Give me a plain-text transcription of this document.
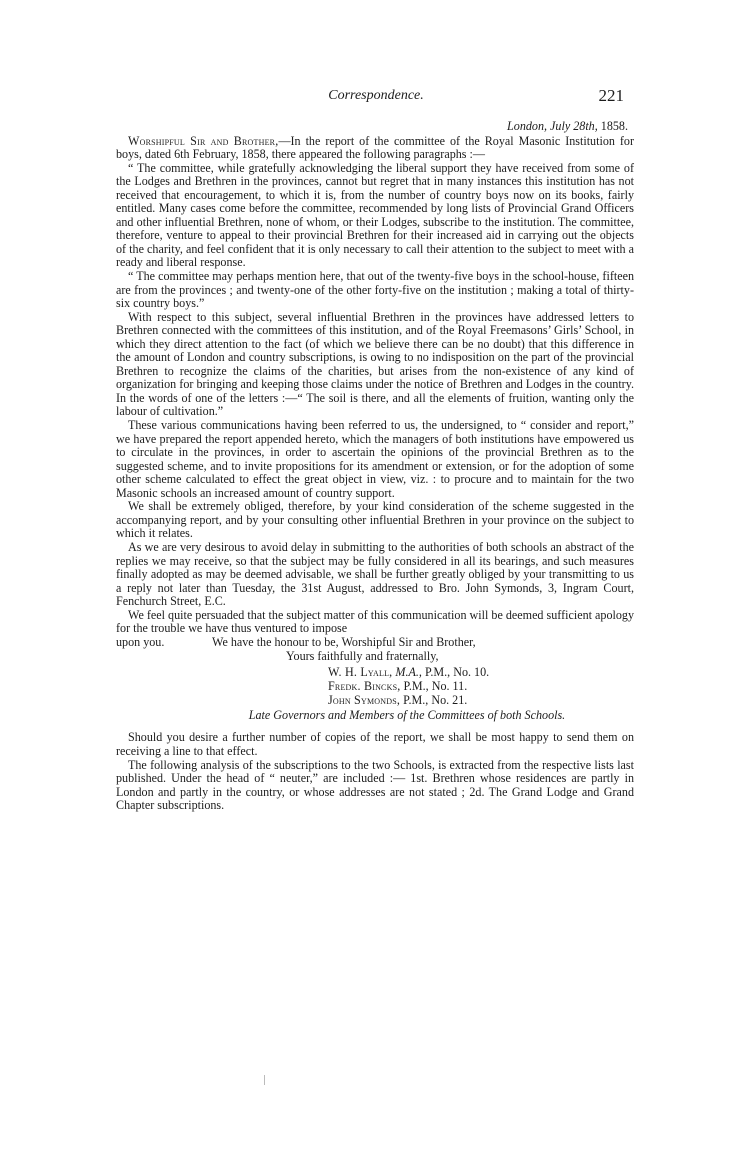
Correspondence.	221
London, July 28th, 1858.

Worshipful Sir and Brother,—In the report of the committee of the Royal Masonic Institution for boys, dated 6th February, 1858, there appeared the following paragraphs :—

“ The committee, while gratefully acknowledging the liberal support they have received from some of the Lodges and Brethren in the provinces, cannot but regret that in many instances this institution has not received that encouragement, to which it is, from the number of country boys now on its books, fairly entitled. Many cases come before the committee, recommended by long lists of Provincial Grand Officers and other influential Brethren, none of whom, or their Lodges, subscribe to the institution. The committee, therefore, venture to appeal to their provincial Brethren for their increased aid in carrying out the objects of the charity, and feel confident that it is only necessary to call their attention to the subject to meet with a ready and liberal response.

“ The committee may perhaps mention here, that out of the twenty-five boys in the school-house, fifteen are from the provinces ; and twenty-one of the other forty-five on the institution ; making a total of thirty-six country boys.”

With respect to this subject, several influential Brethren in the provinces have addressed letters to Brethren connected with the committees of this institution, and of the Royal Freemasons’ Girls’ School, in which they direct attention to the fact (of which we believe there can be no doubt) that this difference in the amount of London and country subscriptions, is owing to no indisposition on the part of the provincial Brethren to recognize the claims of the charities, but arises from the non-existence of any kind of organization for bringing and keeping those claims under the notice of Brethren and Lodges in the country. In the words of one of the letters :—“ The soil is there, and all the elements of fruition, wanting only the labour of cultivation.”

These various communications having been referred to us, the undersigned, to “ consider and report,” we have prepared the report appended hereto, which the managers of both institutions have empowered us to circulate in the provinces, in order to ascertain the opinions of the provincial Brethren as to the suggested scheme, and to invite propositions for its amendment or extension, or for the adoption of some other scheme calculated to effect the great object in view, viz. : to procure and to maintain for the two Masonic schools an increased amount of country support.

We shall be extremely obliged, therefore, by your kind consideration of the scheme suggested in the accompanying report, and by your consulting other influential Brethren in your province on the subject to which it relates.

As we are very desirous to avoid delay in submitting to the authorities of both schools an abstract of the replies we may receive, so that the subject may be fully considered in all its bearings, and such measures finally adopted as may be deemed advisable, we shall be further greatly obliged by your transmitting to us a reply not later than Tuesday, the 31st August, addressed to Bro. John Symonds, 3, Ingram Court, Fenchurch Street, E.C.

We feel quite persuaded that the subject matter of this communication will be deemed sufficient apology for the trouble we have thus ventured to impose

upon you.	We have the honour to be, Worshipful Sir and Brother,
Yours faithfully and fraternally,
W. H. Lyall, M.A., P.M., No. 10.
Fredk. Bincks, P.M., No. 11.
John Symonds, P.M., No. 21.
Late Governors and Members of the Committees of both Schools.

Should you desire a further number of copies of the report, we shall be most happy to send them on receiving a line to that effect.

The following analysis of the subscriptions to the two Schools, is extracted from the respective lists last published. Under the head of “ neuter,” are included :— 1st. Brethren whose residences are partly in London and partly in the country, or whose addresses are not stated ; 2d. The Grand Lodge and Grand Chapter subscriptions.
